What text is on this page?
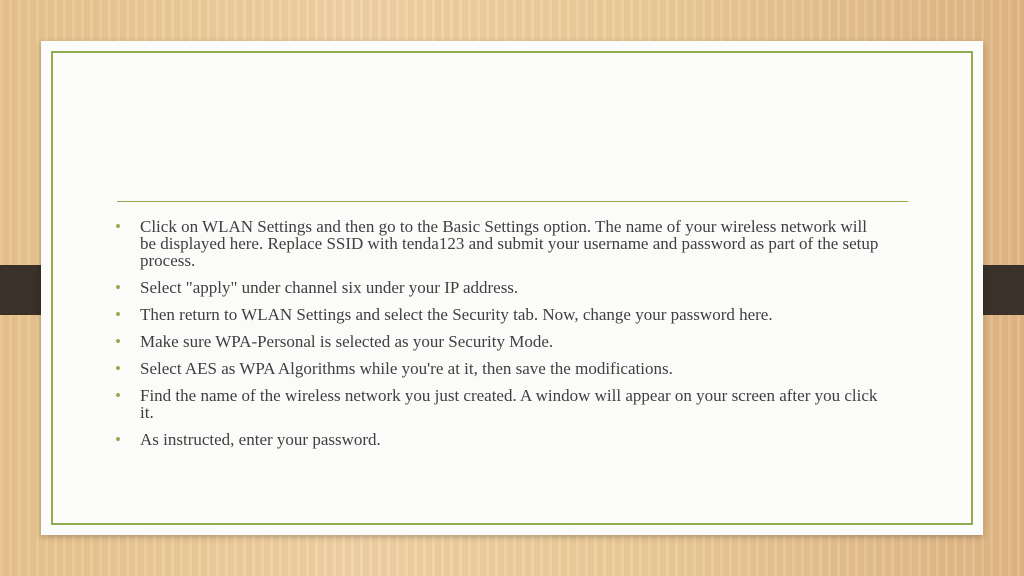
• Click on WLAN Settings and then go to the Basic Settings option. The name of your wireless network will be displayed here. Replace SSID with tenda123 and submit your username and password as part of the setup process.
• Select "apply" under channel six under your IP address.
• Then return to WLAN Settings and select the Security tab. Now, change your password here.
• Make sure WPA-Personal is selected as your Security Mode.
• Select AES as WPA Algorithms while you're at it, then save the modifications.
• Find the name of the wireless network you just created. A window will appear on your screen after you click it.
• As instructed, enter your password.
